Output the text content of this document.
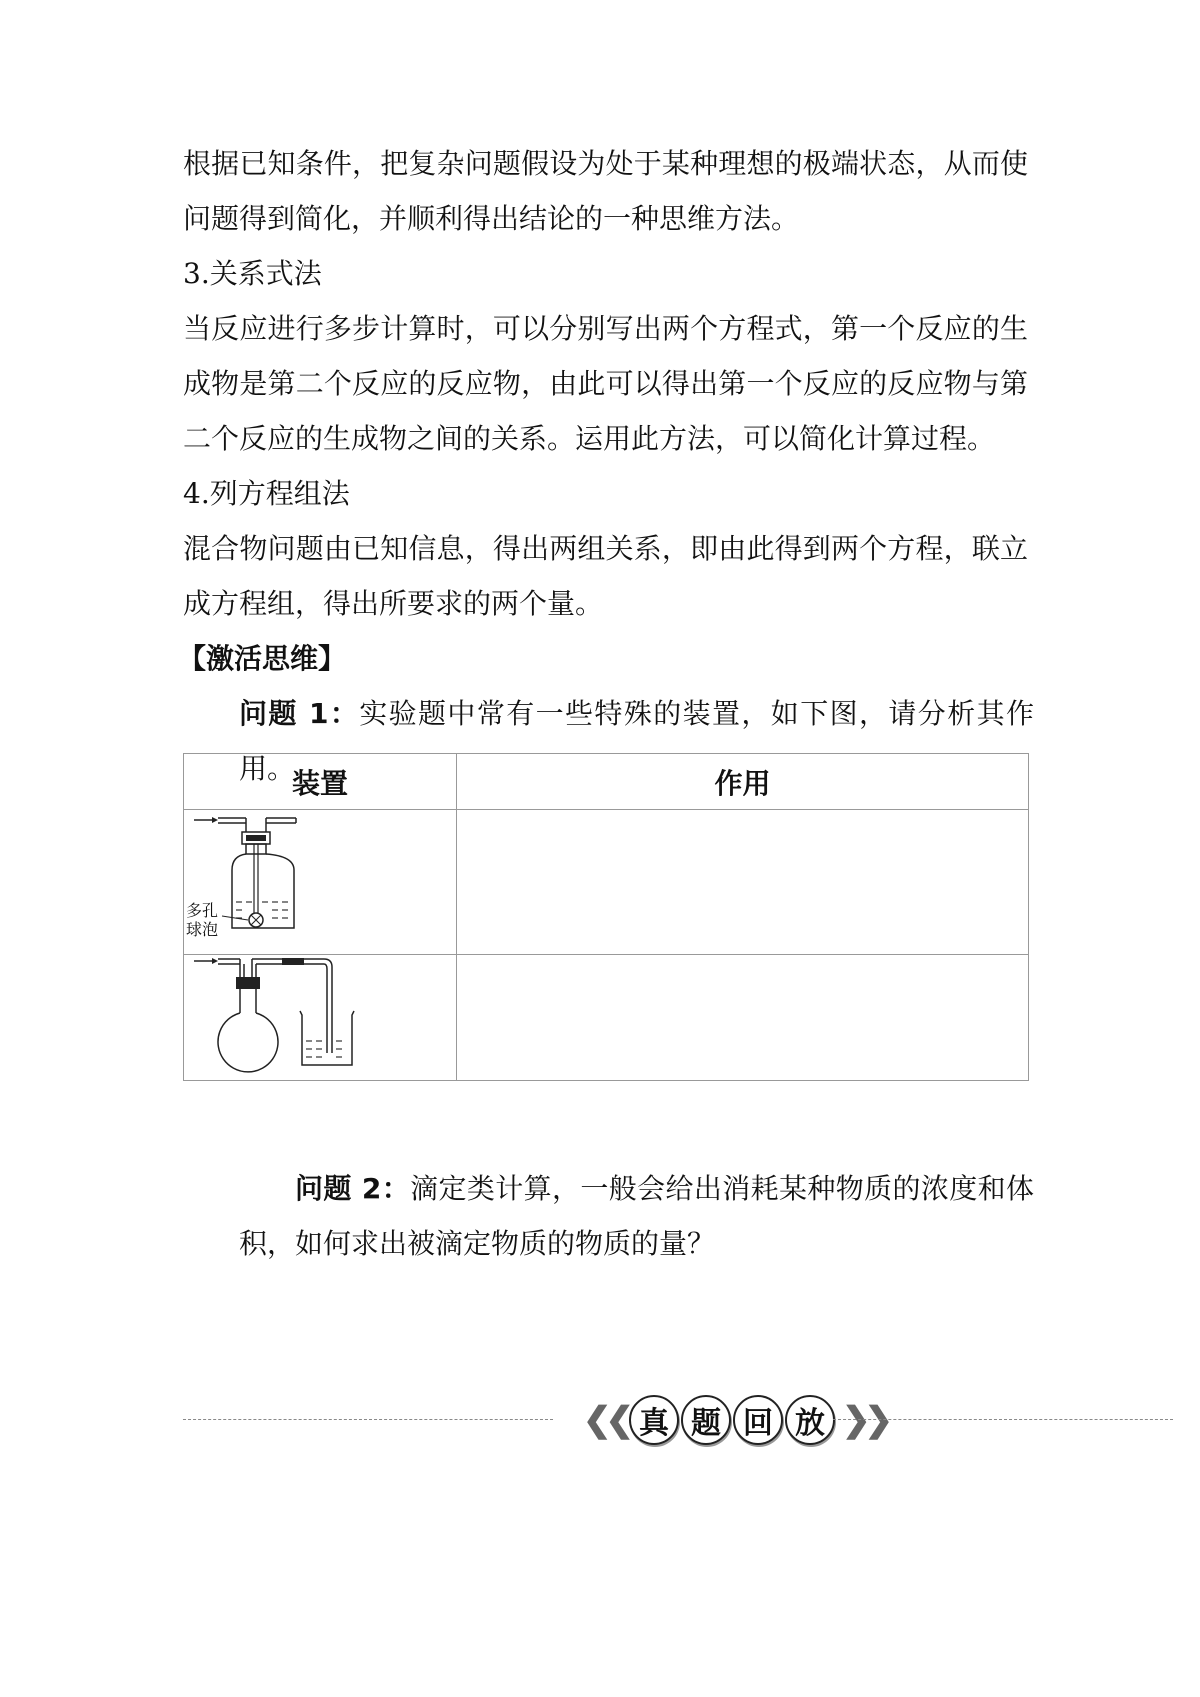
根据已知条件，把复杂问题假设为处于某种理想的极端状态，从而使问题得到简化，并顺利得出结论的一种思维方法。

3.关系式法

当反应进行多步计算时，可以分别写出两个方程式，第一个反应的生成物是第二个反应的反应物，由此可以得出第一个反应的反应物与第二个反应的生成物之间的关系。运用此方法，可以简化计算过程。

4.列方程组法

混合物问题由已知信息，得出两组关系，即由此得到两个方程，联立成方程组，得出所要求的两个量。

【激活思维】

问题 1：实验题中常有一些特殊的装置，如下图，请分析其作用。

装置	作用

多孔
球泡	

问题 2：滴定类计算，一般会给出消耗某种物质的浓度和体积，如何求出被滴定物质的物质的量？

❮❮ 真 题 回 放 ❯❯
